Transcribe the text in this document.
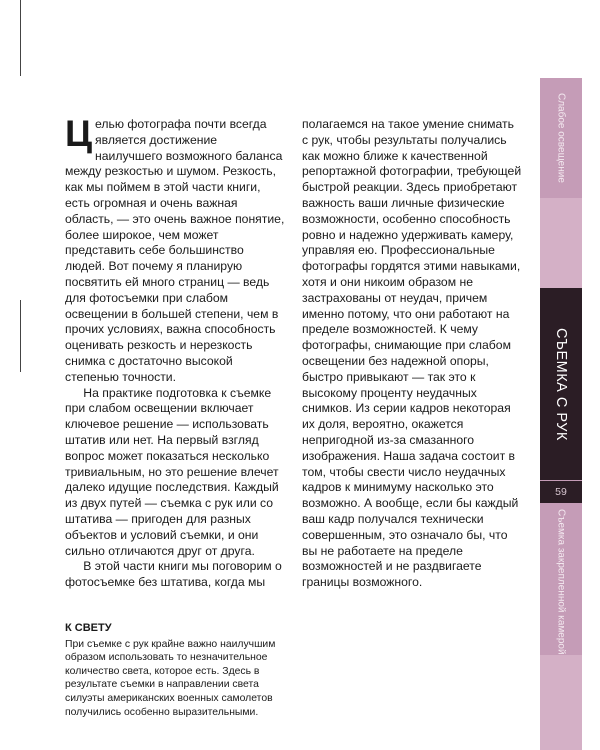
Целью фотографа почти всегда является достижение наилучшего возможного баланса между резкостью и шумом. Резкость, как мы поймем в этой части книги, есть огромная и очень важная область, — это очень важное понятие, более широкое, чем может представить себе большинство людей. Вот почему я планирую посвятить ей много страниц — ведь для фотосъемки при слабом освещении в большей степени, чем в прочих условиях, важна способность оценивать резкость и нерезкость снимка с достаточно высокой степенью точности.

На практике подготовка к съемке при слабом освещении включает ключевое решение — использовать штатив или нет. На первый взгляд вопрос может показаться несколько тривиальным, но это решение влечет далеко идущие последствия. Каждый из двух путей — съемка с рук или со штатива — пригоден для разных объектов и условий съемки, и они сильно отличаются друг от друга.

В этой части книги мы поговорим о фотосъемке без штатива, когда мы

полагаемся на такое умение снимать с рук, чтобы результаты получались как можно ближе к качественной репортажной фотографии, требующей быстрой реакции. Здесь приобретают важность ваши личные физические возможности, особенно способность ровно и надежно удерживать камеру, управляя ею. Профессиональные фотографы гордятся этими навыками, хотя и они никоим образом не застрахованы от неудач, причем именно потому, что они работают на пределе возможностей. К чему фотографы, снимающие при слабом освещении без надежной опоры, быстро привыкают — так это к высокому проценту неудачных снимков. Из серии кадров некоторая их доля, вероятно, окажется непригодной из-за смазанного изображения. Наша задача состоит в том, чтобы свести число неудачных кадров к минимуму насколько это возможно. А вообще, если бы каждый ваш кадр получался технически совершенным, это означало бы, что вы не работаете на пределе возможностей и не раздвигаете границы возможного.

К СВЕТУ

При съемке с рук крайне важно наилучшим образом использовать то незначительное количество света, которое есть. Здесь в результате съемки в направлении света силуэты американских военных самолетов получились особенно выразительными.

Слабое освещение
СЪЕМКА С РУК
59
Съемка закрепленной камерой
